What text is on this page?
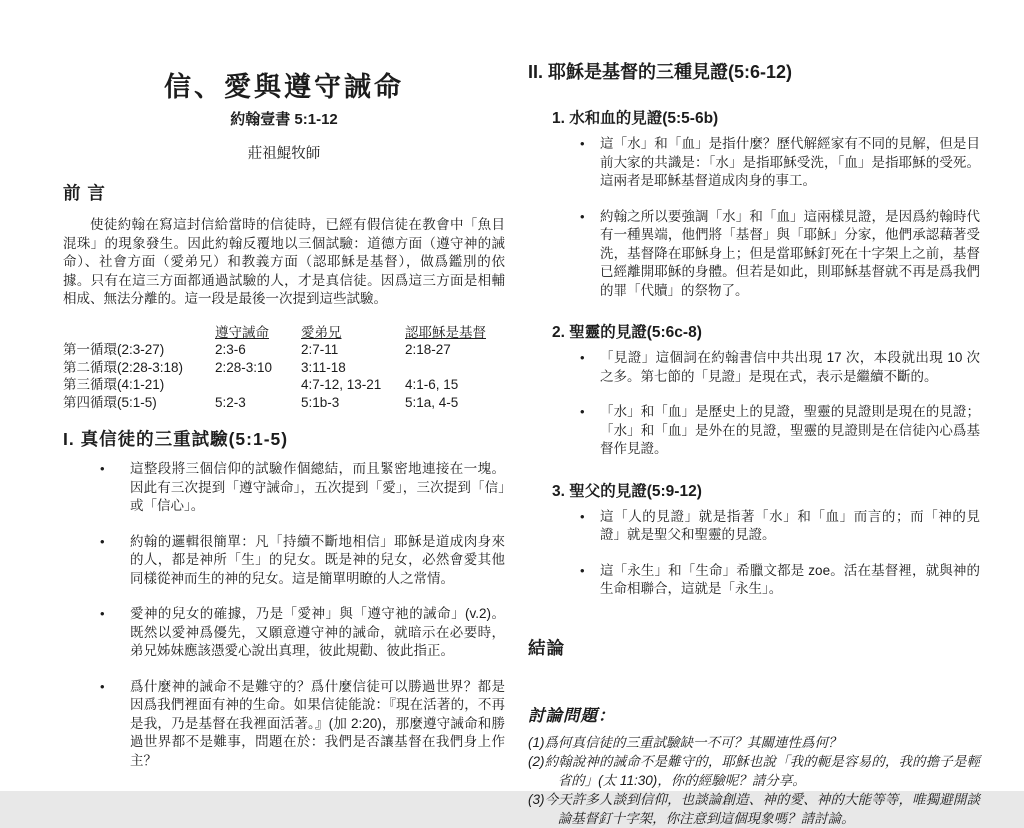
信、愛與遵守誡命
約翰壹書 5:1-12
莊祖鯤牧師
前 言

使徒約翰在寫這封信給當時的信徒時，已經有假信徒在教會中「魚目混珠」的現象發生。因此約翰反覆地以三個試驗：道德方面（遵守神的誡命）、社會方面（愛弟兄）和教義方面（認耶穌是基督），做爲鑑別的依據。只有在這三方面都通過試驗的人，才是真信徒。因爲這三方面是相輔相成、無法分離的。這一段是最後一次提到這些試驗。

	遵守誡命	愛弟兄	認耶穌是基督
第一循環(2:3-27)	2:3-6	2:7-11	2:18-27
第二循環(2:28-3:18)	2:28-3:10	3:11-18	
第三循環(4:1-21)		4:7-12, 13-21	4:1-6, 15
第四循環(5:1-5)	5:2-3	5:1b-3	5:1a, 4-5
I. 真信徒的三重試驗(5:1-5)
• 這整段將三個信仰的試驗作個總結，而且緊密地連接在一塊。因此有三次提到「遵守誡命」，五次提到「愛」，三次提到「信」或「信心」。
• 約翰的邏輯很簡單：凡「持續不斷地相信」耶穌是道成肉身來的人，都是神所「生」的兒女。既是神的兒女，必然會愛其他同樣從神而生的神的兒女。這是簡單明瞭的人之常情。
• 愛神的兒女的確據，乃是「愛神」與「遵守祂的誡命」(v.2)。既然以愛神爲優先，又願意遵守神的誡命，就暗示在必要時，弟兄姊妹應該憑愛心說出真理，彼此規勸、彼此指正。
• 爲什麼神的誡命不是難守的？爲什麼信徒可以勝過世界？都是因爲我們裡面有神的生命。如果信徒能說：『現在活著的，不再是我，乃是基督在我裡面活著。』(加 2:20)，那麼遵守誡命和勝過世界都不是難事，問題在於：我們是否讓基督在我們身上作主？
II. 耶穌是基督的三種見證(5:6-12)
1. 水和血的見證(5:5-6b)
• 這「水」和「血」是指什麼？歷代解經家有不同的見解，但是目前大家的共識是：「水」是指耶穌受洗，「血」是指耶穌的受死。這兩者是耶穌基督道成肉身的事工。
• 約翰之所以要強調「水」和「血」這兩樣見證，是因爲約翰時代有一種異端，他們將「基督」與「耶穌」分家，他們承認藉著受洗，基督降在耶穌身上；但是當耶穌釘死在十字架上之前，基督已經離開耶穌的身體。但若是如此，則耶穌基督就不再是爲我們的罪「代贖」的祭物了。
2. 聖靈的見證(5:6c-8)
• 「見證」這個詞在約翰書信中共出現 17 次，本段就出現 10 次之多。第七節的「見證」是現在式，表示是繼續不斷的。
• 「水」和「血」是歷史上的見證，聖靈的見證則是現在的見證；「水」和「血」是外在的見證，聖靈的見證則是在信徒內心爲基督作見證。
3. 聖父的見證(5:9-12)
• 這「人的見證」就是指著「水」和「血」而言的；而「神的見證」就是聖父和聖靈的見證。
• 這「永生」和「生命」希臘文都是 zoe。活在基督裡，就與神的生命相聯合，這就是「永生」。
結論
討論問題：
(1)爲何真信徒的三重試驗缺一不可？其關連性爲何？
(2)約翰說神的誡命不是難守的，耶穌也說「我的軛是容易的，我的擔子是輕省的」(太 11:30)，你的經驗呢？請分享。
(3)今天許多人談到信仰，也談論創造、神的愛、神的大能等等，唯獨避開談論基督釘十字架，你注意到這個現象嗎？請討論。
